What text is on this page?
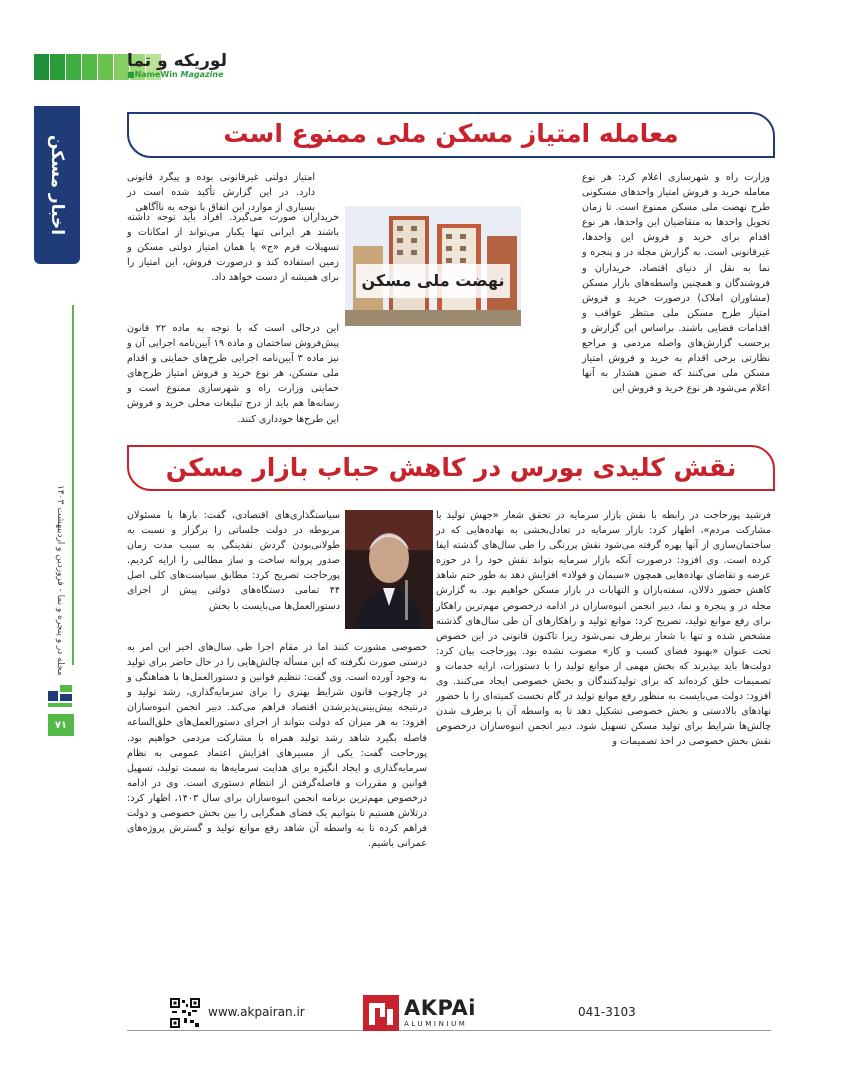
لوریکه و تما
■NameWin Magazine
اخبار مسکن
مجله در و پنجره و نما - فروردین و اردیبهشت ۱۴۰۳
۷۱
معامله امتیاز مسکن ملی ممنوع است
وزارت راه و شهرسازی اعلام کرد: هر نوع معامله خرید و فروش امتیاز واحدهای مسکونی طرح نهضت ملی مسکن ممنوع است. تا زمان تحویل واحدها به متقاضیان این واحدها، هر نوع اقدام برای خرید و فروش این واحدها، غیرقانونی است. به گزارش مجله در و پنجره و نما به نقل از دنیای اقتصاد، خریداران و فروشندگان و همچنین واسطه‌های بازار مسکن (مشاوران املاک) درصورت خرید و فروش امتیاز طرح مسکن ملی منتظر عواقب و اقدامات قضایی باشند. براساس این گزارش و برحسب گزارش‌های واصله مردمی و مراجع نظارتی برخی اقدام به خرید و فروش امتیاز مسکن ملی می‌کنند که ضمن هشدار به آنها اعلام می‌شود هر نوع خرید و فروش این
امتیاز دولتی غیرقانونی بوده و پیگرد قانونی دارد. در این گزارش تأکید شده است در بسیاری از موارد، این اتفاق با توجه به ناآگاهی
خریداران صورت می‌گیرد. افراد باید توجه داشته باشند هر ایرانی تنها یکبار می‌تواند از امکانات و تسهیلات فرم «ج» یا همان امتیاز دولتی مسکن و زمین استفاده کند و درصورت فروش، این امتیاز را برای همیشه از دست خواهد داد.
این درحالی است که با توجه به ماده ۲۲ قانون پیش‌فروش ساختمان و ماده ۱۹ آیین‌نامه اجرایی آن و نیز ماده ۳ آیین‌نامه اجرایی طرح‌های حمایتی و اقدام ملی مسکن، هر نوع خرید و فروش امتیاز طرح‌های حمایتی وزارت راه و شهرسازی ممنوع است و رسانه‌ها هم باید از درج تبلیغات محلی خرید و فروش این طرح‌ها خودداری کنند.
نهضت ملی مسکن
نقش کلیدی بورس در کاهش حباب بازار مسکن
فرشید پورحاجت در رابطه با نقش بازار سرمایه در تحقق شعار «جهش تولید با مشارکت مردم»، اظهار کرد: بازار سرمایه در تعادل‌بخشی به نهاده‌هایی که در ساختمان‌سازی از آنها بهره گرفته می‌شود نقش پررنگی را طی سال‌های گذشته ایفا کرده است. وی افزود: درصورت آنکه بازار سرمایه بتواند نقش خود را در حوزه عرضه و تقاضای نهاده‌هایی همچون «سیمان و فولاد» افزایش دهد به طور حتم شاهد کاهش حضور دلالان، سفته‌بازان و التهابات در بازار مسکن خواهیم بود. به گزارش مجله در و پنجره و نما، دبیر انجمن انبوه‌سازان در ادامه درخصوص مهم‌ترین راهکار برای رفع موانع تولید، تصریح کرد: موانع تولید و راهکارهای آن طی سال‌های گذشته مشخص شده و تنها با شعار برطرف نمی‌شود زیرا تاکنون قانونی در این خصوص تحت عنوان «بهبود فضای کسب و کار» مصوب نشده بود. پورحاجت بیان کرد: دولت‌ها باید بپذیرند که بخش مهمی از موانع تولید را با دستورات، ارایه خدمات و تصمیمات خلق کرده‌اند که برای تولیدکنندگان و بخش خصوصی ایجاد می‌کنند. وی افزود: دولت می‌بایست به منظور رفع موانع تولید در گام نخست کمیته‌ای را با حضور نهادهای بالادستی و بخش خصوصی تشکیل دهد تا به واسطه آن با برطرف شدن چالش‌ها شرایط برای تولید مسکن تسهیل شود. دبیر انجمن انبوه‌سازان درخصوص نقش بخش خصوصی در اخذ تصمیمات و
سیاستگذاری‌های اقتصادی، گفت: بارها با مسئولان مربوطه در دولت جلساتی را برگزار و نسبت به طولانی‌بودن گردش نقدینگی به سبب مدت زمان صدور پروانه ساخت و ساز مطالبی را ارایه کردیم. پورحاجت تصریح کرد: مطابق سیاست‌های کلی اصل ۴۴ تمامی دستگاه‌های دولتی پیش از اجرای دستورالعمل‌ها می‌بایست با بخش
خصوصی مشورت کنند اما در مقام اجرا طی سال‌های اخیر این امر به درستی صورت نگرفته که این مسأله چالش‌هایی را در حال حاضر برای تولید به وجود آورده است. وی گفت: تنظیم قوانین و دستورالعمل‌ها با هماهنگی و در چارچوب قانون شرایط بهتری را برای سرمایه‌گذاری، رشد تولید و درنتیجه پیش‌بینی‌پذیرشدن اقتصاد فراهم می‌کند. دبیر انجمن انبوه‌سازان افزود: به هر میزان که دولت بتواند از اجرای دستورالعمل‌های خلق‌الساعه فاصله بگیرد شاهد رشد تولید همراه با مشارکت مردمی خواهیم بود. پورحاجت گفت: یکی از مسیرهای افزایش اعتماد عمومی به نظام سرمایه‌گذاری و ایجاد انگیزه برای هدایت سرمایه‌ها به سمت تولید، تسهیل قوانین و مقررات و فاصله‌گرفتن از انتظام دستوری است. وی در ادامه درخصوص مهم‌ترین برنامه انجمن انبوه‌سازان برای سال ۱۴۰۳، اظهار کرد: درتلاش هستیم تا بتوانیم یک فضای همگرایی را بین بخش خصوصی و دولت فراهم کرده تا به واسطه آن شاهد رفع موانع تولید و گسترش پروژه‌های عمرانی باشیم.
www.akpairan.ir	AKPAi
ALUMINIUM
041-3103
